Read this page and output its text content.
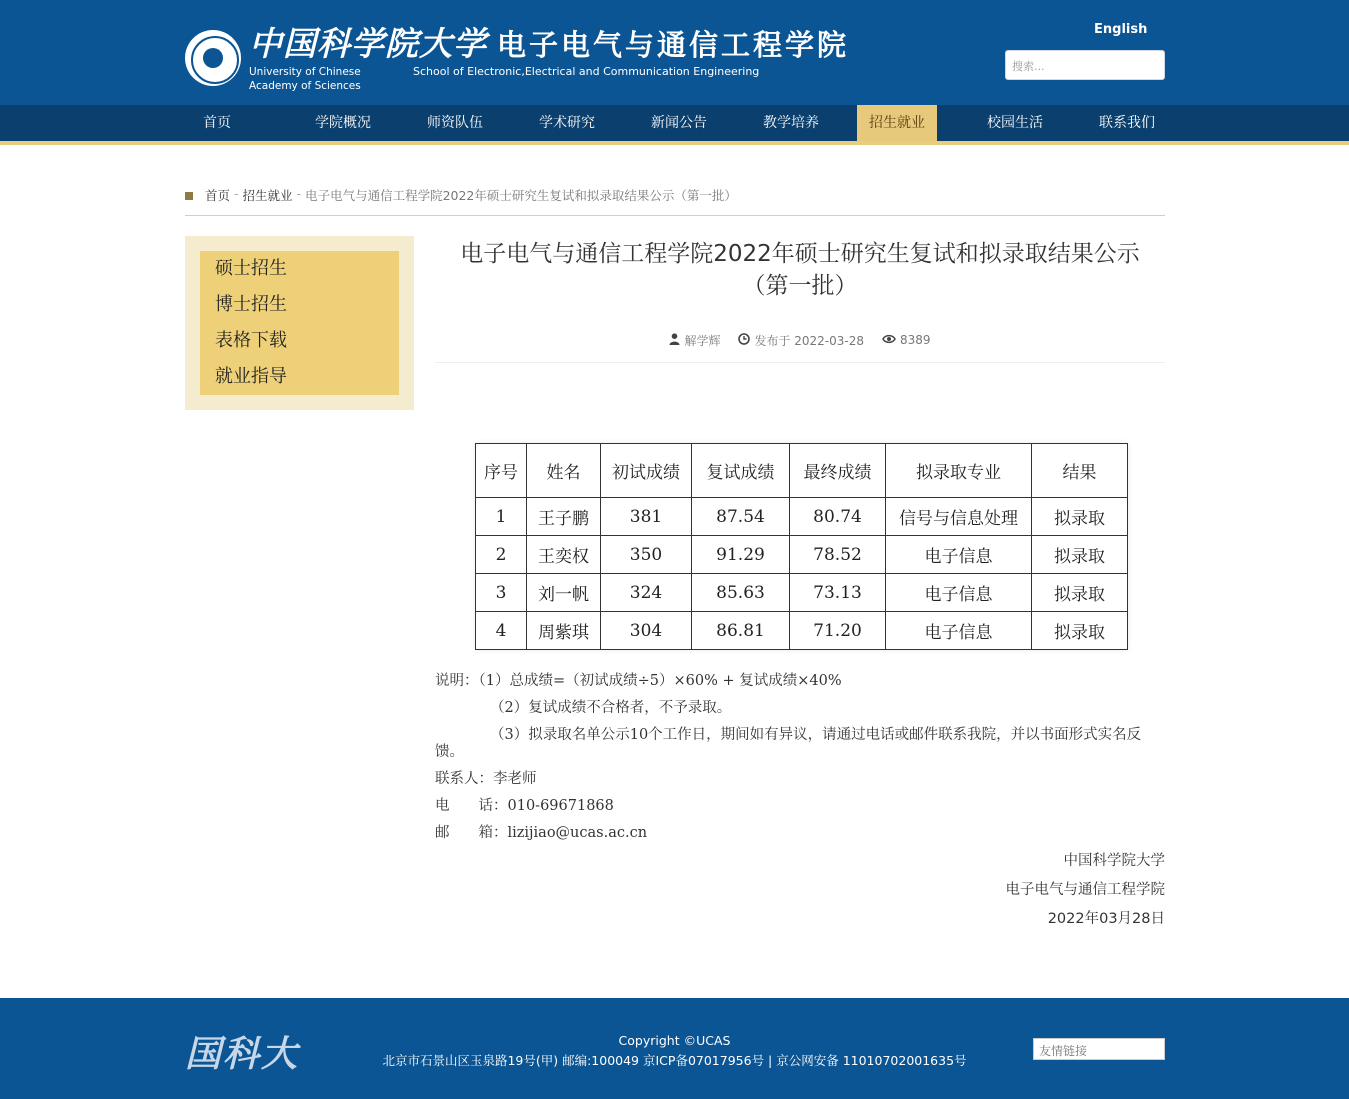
中国科学院大学 电子电气与通信工程学院
University of Chinese Academy of Sciences
School of Electronic,Electrical and Communication Engineering
English
搜索...
首页	学院概况	师资队伍	学术研究	新闻公告	教学培养	招生就业	校园生活	联系我们
首页 - 招生就业 - 电子电气与通信工程学院2022年硕士研究生复试和拟录取结果公示（第一批）
硕士招生
博士招生
表格下载
就业指导
电子电气与通信工程学院2022年硕士研究生复试和拟录取结果公示
（第一批）
解学辉	发布于 2022-03-28	8389
序号	姓名	初试成绩	复试成绩	最终成绩	拟录取专业	结果
1	王子鹏	381	87.54	80.74	信号与信息处理	拟录取
2	王奕权	350	91.29	78.52	电子信息	拟录取
3	刘一帆	324	85.63	73.13	电子信息	拟录取
4	周紫琪	304	86.81	71.20	电子信息	拟录取

说明：（1）总成绩=（初试成绩÷5）×60% + 复试成绩×40%

（2）复试成绩不合格者，不予录取。

（3）拟录取名单公示10个工作日，期间如有异议，请通过电话或邮件联系我院，并以书面形式实名反馈。

联系人：李老师

电　　话：010-69671868

邮　　箱：lizijiao@ucas.ac.cn

中国科学院大学
电子电气与通信工程学院
2022年03月28日
国科大	Copyright ©UCAS
北京市石景山区玉泉路19号(甲) 邮编:100049 京ICP备07017956号 | 京公网安备 11010702001635号
友情链接
